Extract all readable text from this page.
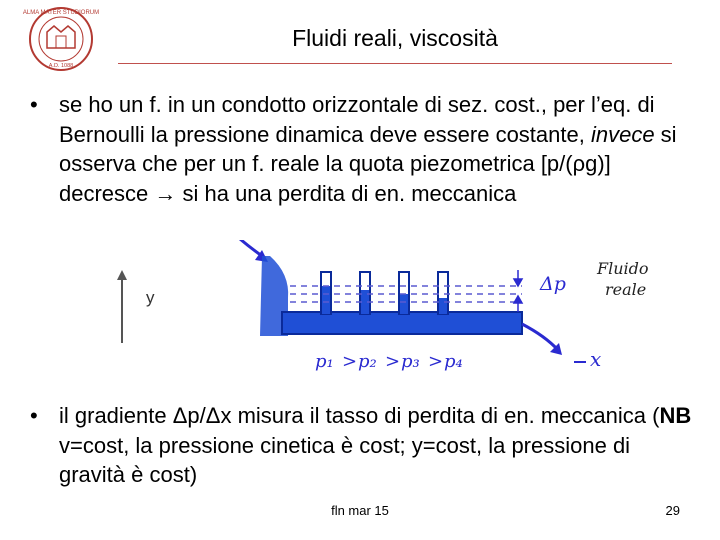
ALMA MATER STUDIORUM
A.D. 1088
Fluidi reali, viscosità
• se ho un f. in un condotto orizzontale di sez. cost., per l’eq. di Bernoulli la pressione dinamica deve essere costante, invece si osserva che per un f. reale la quota piezometrica [p/(ρg)] decresce → si ha una perdita di en. meccanica
y
Δp
Fluido
reale
x
p₁ > p₂ > p₃ > p₄
• il gradiente Δp/Δx misura il tasso di perdita di en. meccanica (NB v=cost, la pressione cinetica è cost; y=cost, la pressione di gravità è cost)
fln mar 15	29
